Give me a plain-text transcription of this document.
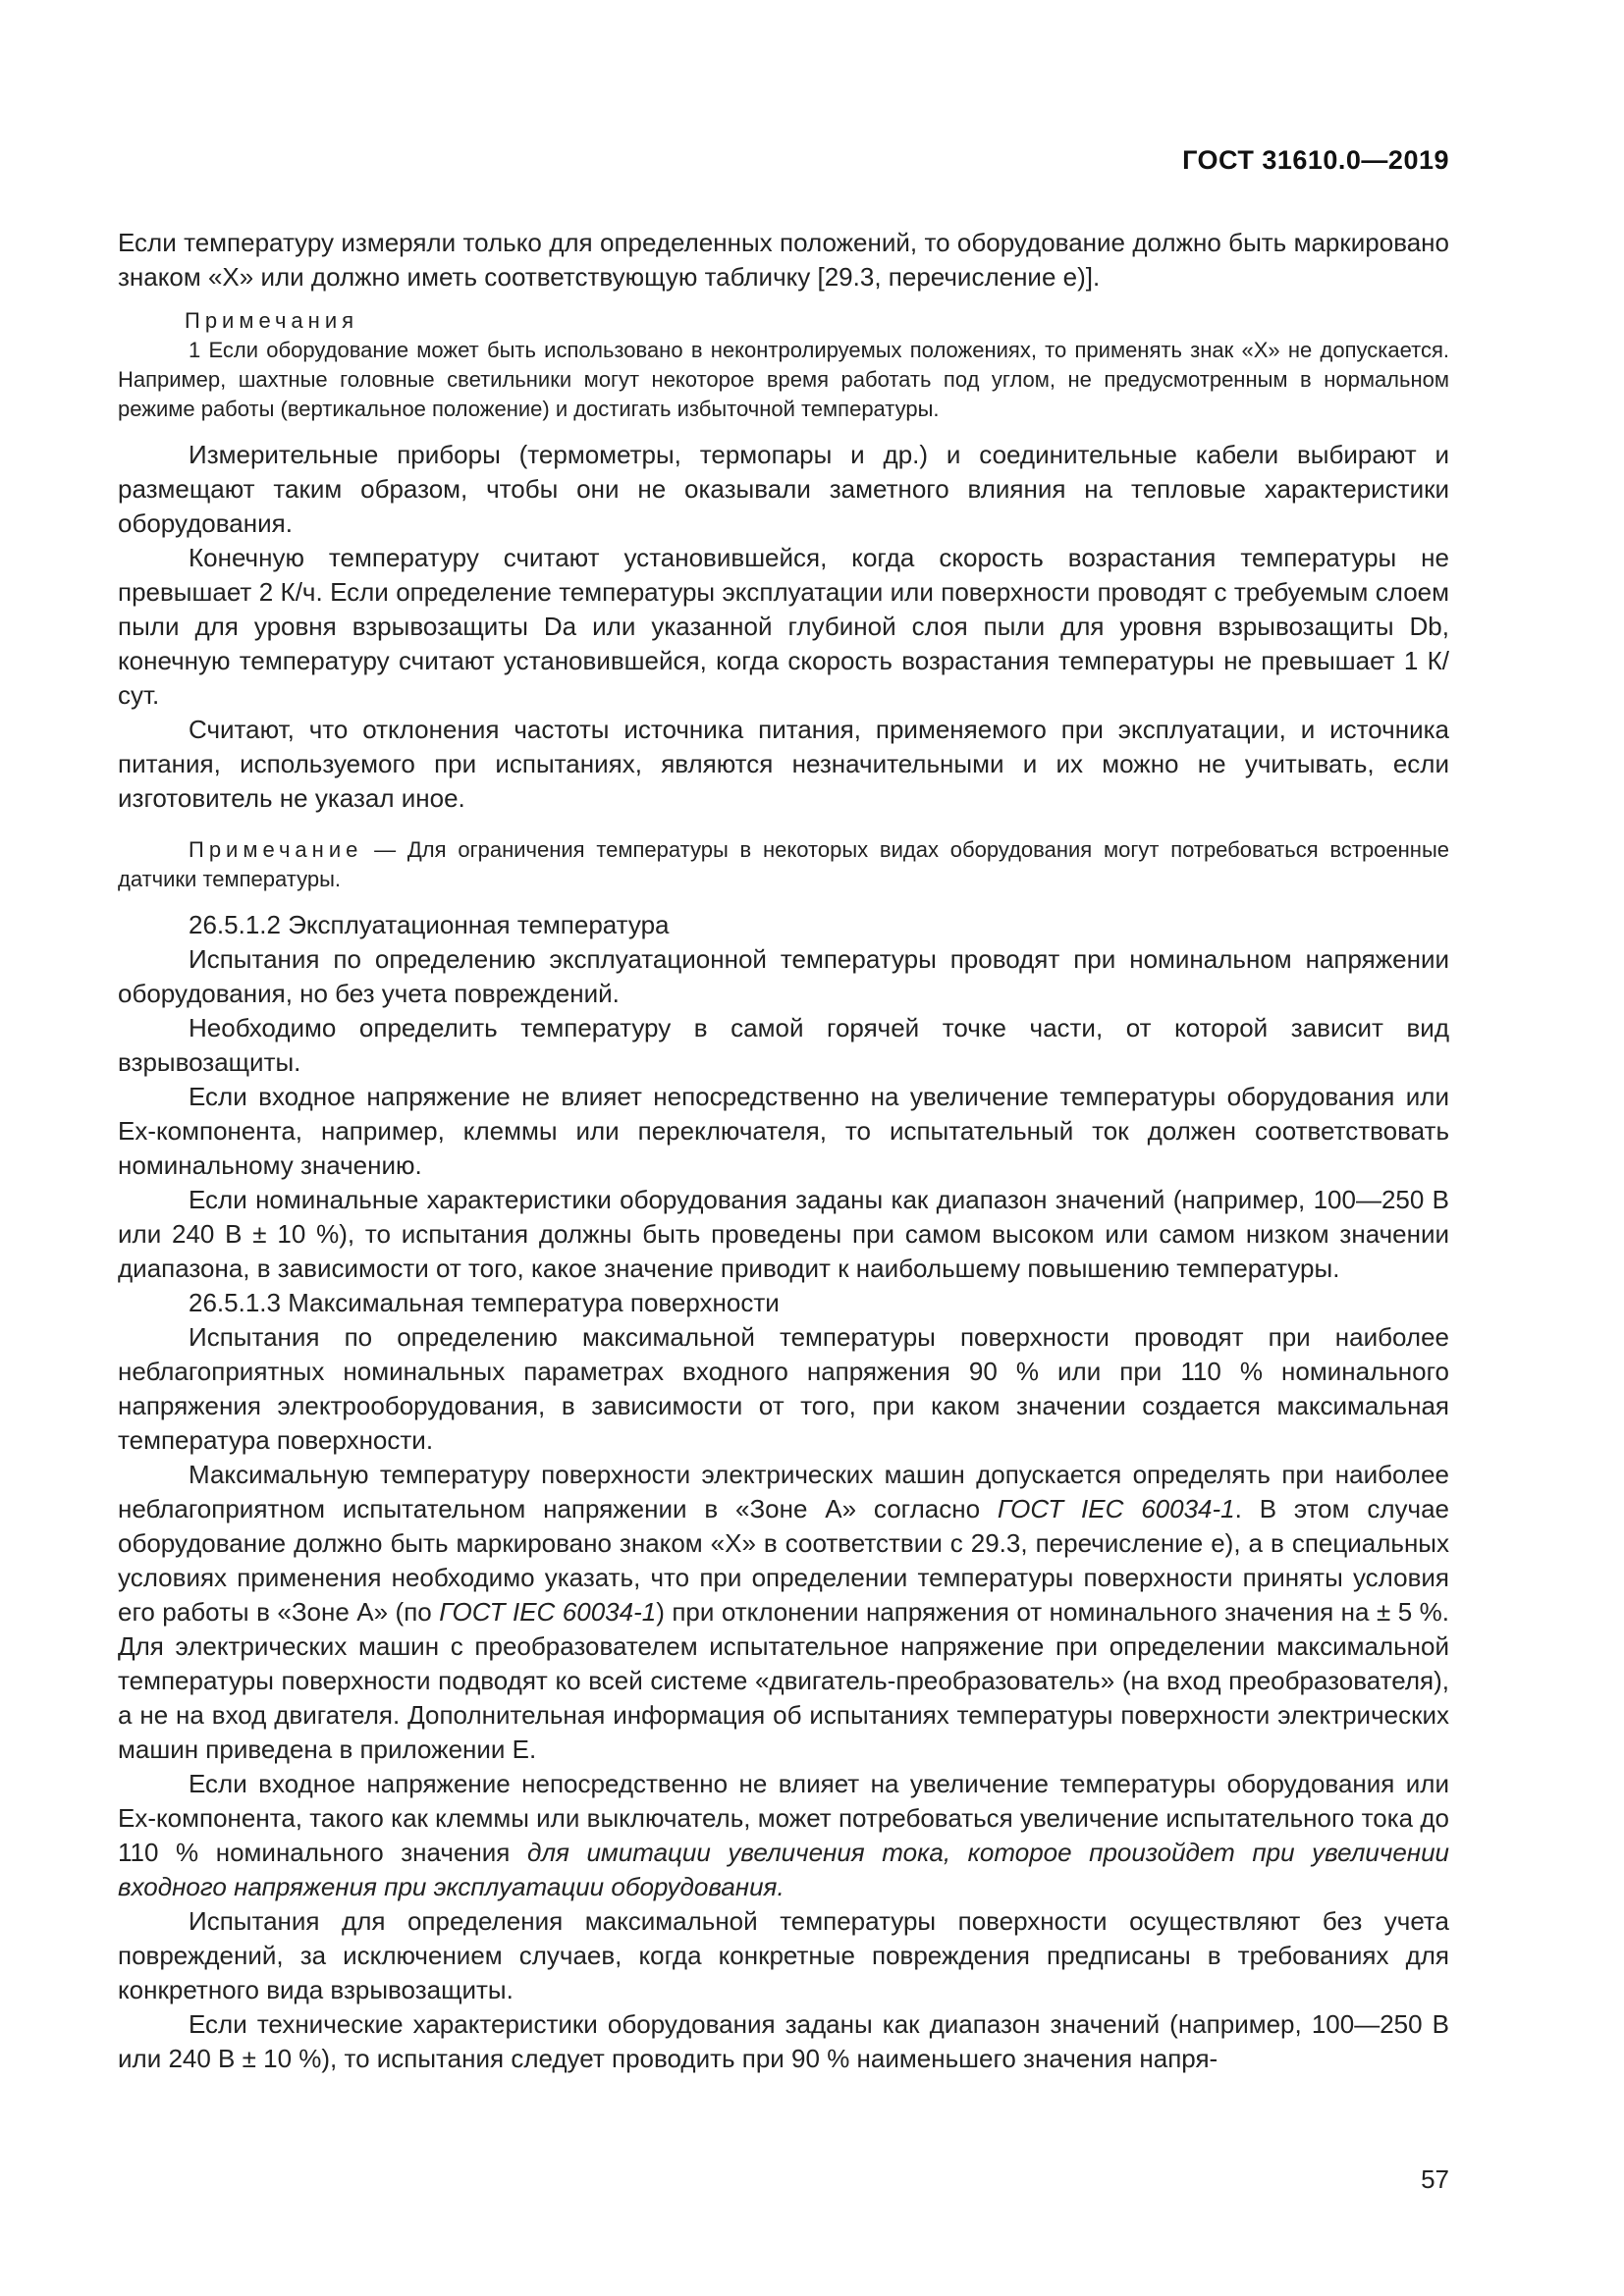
ГОСТ 31610.0—2019

Если температуру измеряли только для определенных положений, то оборудование должно быть маркировано знаком «Х» или должно иметь соответствующую табличку [29.3, перечисление е)].

Примечания

1 Если оборудование может быть использовано в неконтролируемых положениях, то применять знак «Х» не допускается. Например, шахтные головные светильники могут некоторое время работать под углом, не предусмотренным в нормальном режиме работы (вертикальное положение) и достигать избыточной температуры.

Измерительные приборы (термометры, термопары и др.) и соединительные кабели выбирают и размещают таким образом, чтобы они не оказывали заметного влияния на тепловые характеристики оборудования.

Конечную температуру считают установившейся, когда скорость возрастания температуры не превышает 2 К/ч. Если определение температуры эксплуатации или поверхности проводят с требуемым слоем пыли для уровня взрывозащиты Da или указанной глубиной слоя пыли для уровня взрывозащиты Db, конечную температуру считают установившейся, когда скорость возрастания температуры не превышает 1 К/сут.

Считают, что отклонения частоты источника питания, применяемого при эксплуатации, и источника питания, используемого при испытаниях, являются незначительными и их можно не учитывать, если изготовитель не указал иное.

Примечание — Для ограничения температуры в некоторых видах оборудования могут потребоваться встроенные датчики температуры.

26.5.1.2 Эксплуатационная температура

Испытания по определению эксплуатационной температуры проводят при номинальном напряжении оборудования, но без учета повреждений.

Необходимо определить температуру в самой горячей точке части, от которой зависит вид взрывозащиты.

Если входное напряжение не влияет непосредственно на увеличение температуры оборудования или Ex-компонента, например, клеммы или переключателя, то испытательный ток должен соответствовать номинальному значению.

Если номинальные характеристики оборудования заданы как диапазон значений (например, 100—250 В или 240 В ± 10 %), то испытания должны быть проведены при самом высоком или самом низком значении диапазона, в зависимости от того, какое значение приводит к наибольшему повышению температуры.

26.5.1.3 Максимальная температура поверхности

Испытания по определению максимальной температуры поверхности проводят при наиболее неблагоприятных номинальных параметрах входного напряжения 90 % или при 110 % номинального напряжения электрооборудования, в зависимости от того, при каком значении создается максимальная температура поверхности.

Максимальную температуру поверхности электрических машин допускается определять при наиболее неблагоприятном испытательном напряжении в «Зоне А» согласно ГОСТ IEC 60034-1. В этом случае оборудование должно быть маркировано знаком «Х» в соответствии с 29.3, перечисление е), а в специальных условиях применения необходимо указать, что при определении температуры поверхности приняты условия его работы в «Зоне А» (по ГОСТ IEC 60034-1) при отклонении напряжения от номинального значения на ± 5 %. Для электрических машин с преобразователем испытательное напряжение при определении максимальной температуры поверхности подводят ко всей системе «двигатель-преобразователь» (на вход преобразователя), а не на вход двигателя. Дополнительная информация об испытаниях температуры поверхности электрических машин приведена в приложении Е.

Если входное напряжение непосредственно не влияет на увеличение температуры оборудования или Ex-компонента, такого как клеммы или выключатель, может потребоваться увеличение испытательного тока до 110 % номинального значения для имитации увеличения тока, которое произойдет при увеличении входного напряжения при эксплуатации оборудования.

Испытания для определения максимальной температуры поверхности осуществляют без учета повреждений, за исключением случаев, когда конкретные повреждения предписаны в требованиях для конкретного вида взрывозащиты.

Если технические характеристики оборудования заданы как диапазон значений (например, 100—250 В или 240 В ± 10 %), то испытания следует проводить при 90 % наименьшего значения напря-

57
